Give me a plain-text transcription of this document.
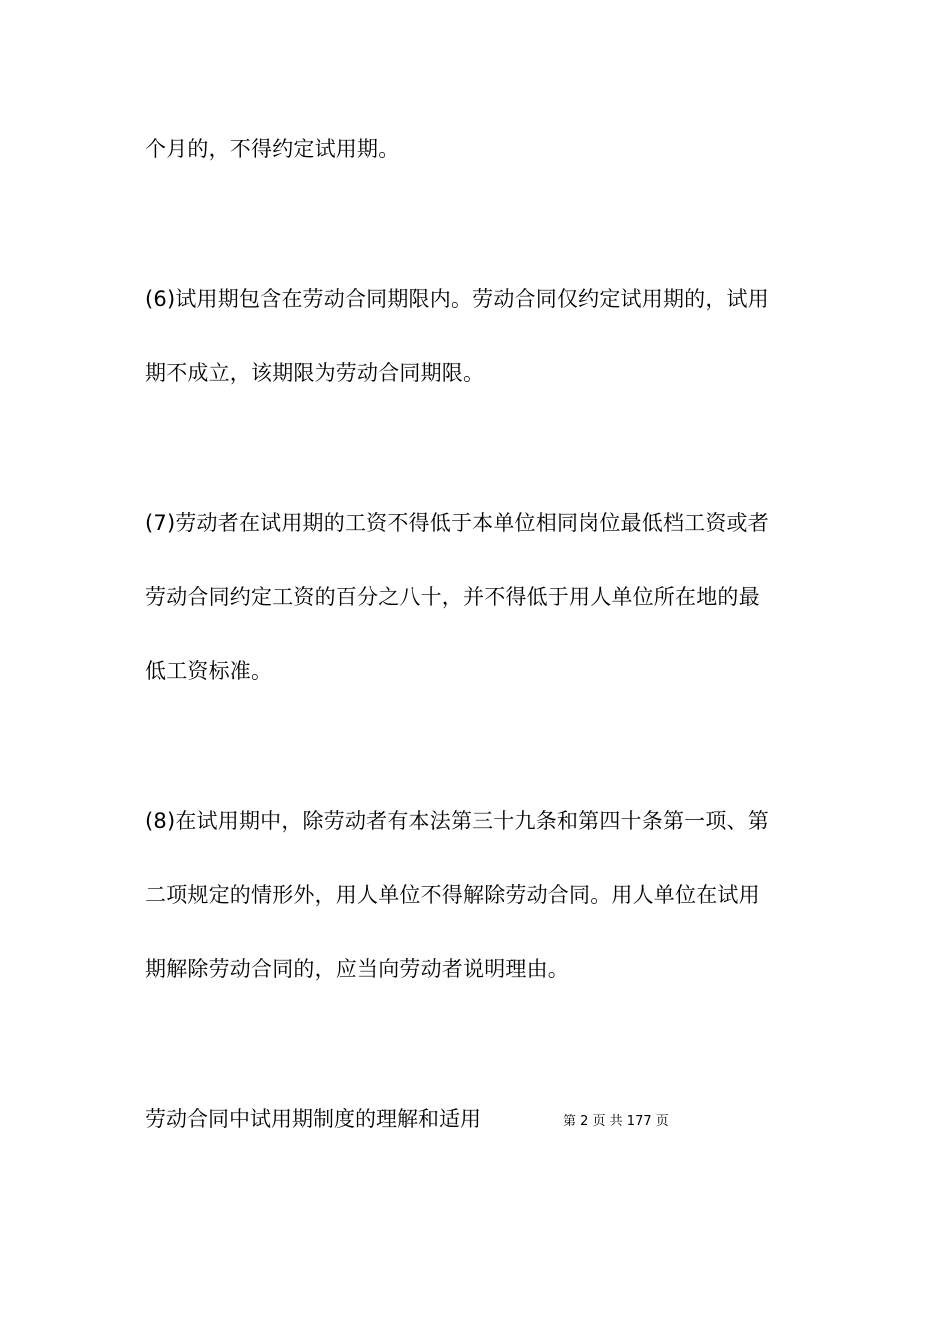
个月的，不得约定试用期。
(6)试用期包含在劳动合同期限内。劳动合同仅约定试用期的，试用
期不成立，该期限为劳动合同期限。
(7)劳动者在试用期的工资不得低于本单位相同岗位最低档工资或者
劳动合同约定工资的百分之八十，并不得低于用人单位所在地的最
低工资标准。
(8)在试用期中，除劳动者有本法第三十九条和第四十条第一项、第
二项规定的情形外，用人单位不得解除劳动合同。用人单位在试用
期解除劳动合同的，应当向劳动者说明理由。
劳动合同中试用期制度的理解和适用	第 2 页 共 177 页
